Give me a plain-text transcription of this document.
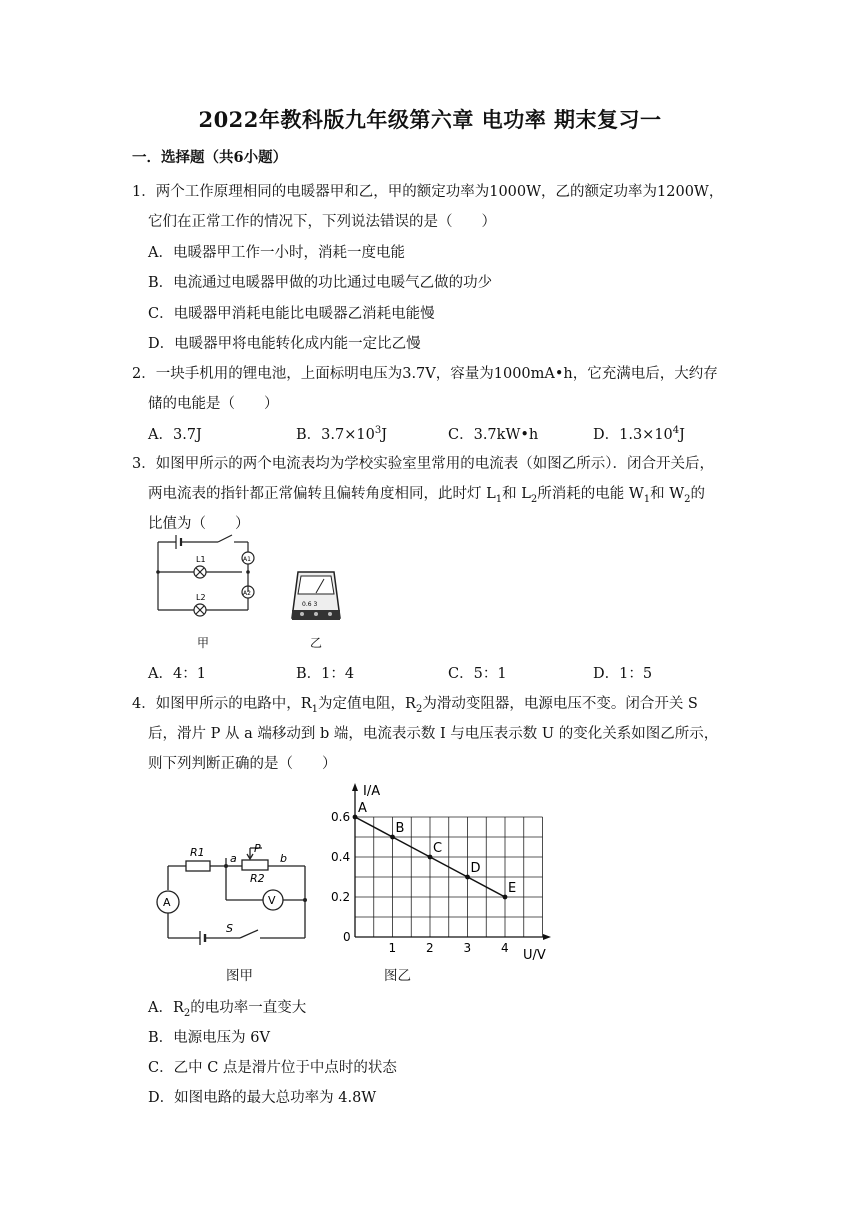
2022年教科版九年级第六章 电功率 期末复习一
一．选择题（共6小题）
1．两个工作原理相同的电暖器甲和乙，甲的额定功率为1000W，乙的额定功率为1200W，
它们在正常工作的情况下，下列说法错误的是（　　）
A．电暖器甲工作一小时，消耗一度电能
B．电流通过电暖器甲做的功比通过电暖气乙做的功少
C．电暖器甲消耗电能比电暖器乙消耗电能慢
D．电暖器甲将电能转化成内能一定比乙慢
2．一块手机用的锂电池，上面标明电压为3.7V，容量为1000mA•h，它充满电后，大约存
储的电能是（　　）
A．3.7J	B．$3.7\times 10^3J$	C．3.7kW•h	D．$1.3\times 10^4J$
3．如图甲所示的两个电流表均为学校实验室里常用的电流表（如图乙所示）．闭合开关后，
两电流表的指针都正常偏转且偏转角度相同，此时灯 $L_1$和 $L_2$所消耗的电能 $W_1$和 $W_2$的
比值为（　　）
L1
L2
A1
A2
甲
0.6 3
乙
A．4：1	B．1：4	C．5：1	D．1：5
4．如图甲所示的电路中，$R_1$为定值电阻，$R_2$为滑动变阻器，电源电压不变。闭合开关 S
后，滑片 P 从 a 端移动到 b 端，电流表示数 I 与电压表示数 U 的变化关系如图乙所示，
则下列判断正确的是（　　）
R1 a	b
P
R2
S
A	V
图甲
U/V
I/A
0
1 2 3 4
0.2
0.4
0.6
A
B
C
D
E
图乙
A．$R_2$的电功率一直变大
B．电源电压为 6V
C．乙中 C 点是滑片位于中点时的状态
D．如图电路的最大总功率为 4.8W
